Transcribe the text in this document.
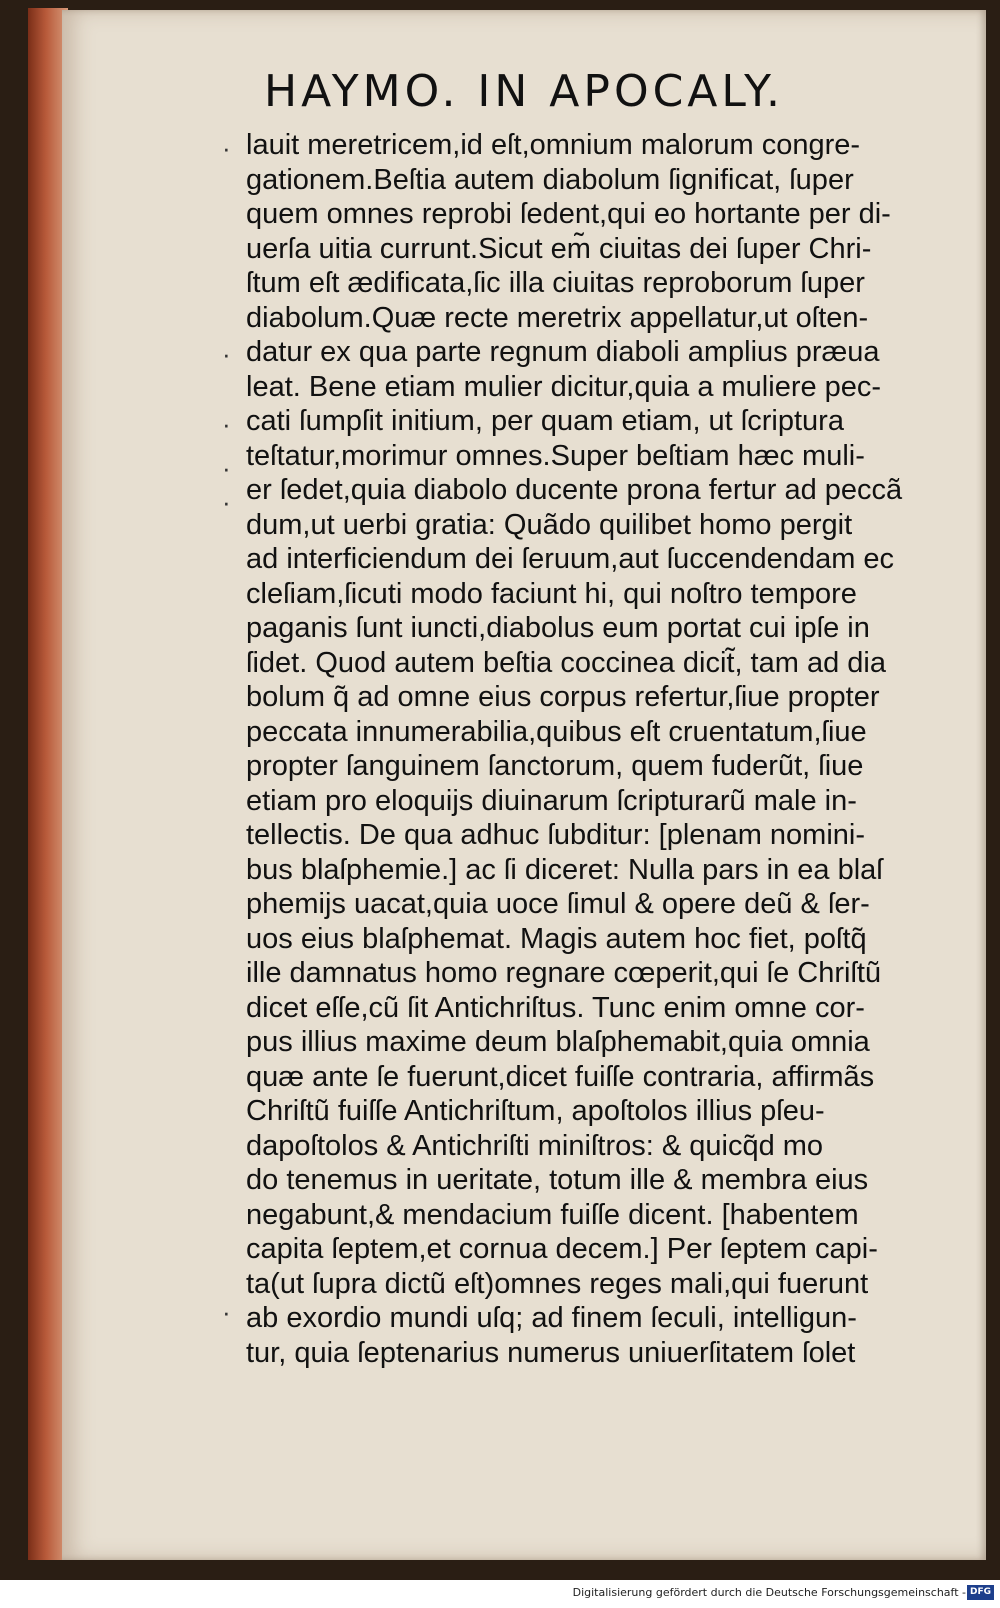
HAYMO. IN APOCALY.
lauit meretricem,id eſt,omnium malorum congre-
gationem.Beſtia autem diabolum ſignificat, ſuper
quem omnes reprobi ſedent,qui eo hortante per di-
uerſa uitia currunt.Sicut em̃ ciuitas dei ſuper Chri-
ſtum eſt ædificata,ſic illa ciuitas reproborum ſuper
diabolum.Quæ recte meretrix appellatur,ut oſten-
datur ex qua parte regnum diaboli amplius præua
leat. Bene etiam mulier dicitur,quia a muliere pec-
cati ſumpſit initium, per quam etiam, ut ſcriptura
teſtatur,morimur omnes.Super beſtiam hæc muli-
er ſedet,quia diabolo ducente prona fertur ad peccã
dum,ut uerbi gratia: Quãdo quilibet homo pergit
ad interficiendum dei ſeruum,aut ſuccendendam ec
cleſiam,ſicuti modo faciunt hi, qui noſtro tempore
paganis ſunt iuncti,diabolus eum portat cui ipſe in
ſidet. Quod autem beſtia coccinea dicit̃, tam ad dia
bolum q̃ ad omne eius corpus refertur,ſiue propter
peccata innumerabilia,quibus eſt cruentatum,ſiue
propter ſanguinem ſanctorum, quem fuderũt, ſiue
etiam pro eloquijs diuinarum ſcripturarũ male in-
tellectis. De qua adhuc ſubditur: [plenam nomini-
bus blaſphemie.] ac ſi diceret: Nulla pars in ea blaſ
phemijs uacat,quia uoce ſimul & opere deũ & ſer-
uos eius blaſphemat. Magis autem hoc fiet, poſtq̃
ille damnatus homo regnare cœperit,qui ſe Chriſtũ
dicet eſſe,cũ ſit Antichriſtus. Tunc enim omne cor-
pus illius maxime deum blaſphemabit,quia omnia
quæ ante ſe fuerunt,dicet fuiſſe contraria, affirmãs
Chriſtũ fuiſſe Antichriſtum, apoſtolos illius pſeu-
dapoſtolos & Antichriſti miniſtros: & quicq̃d mo
do tenemus in ueritate, totum ille & membra eius
negabunt,& mendacium fuiſſe dicent. [habentem
capita ſeptem,et cornua decem.] Per ſeptem capi-
ta(ut ſupra dictũ eſt)omnes reges mali,qui fuerunt
ab exordio mundi uſq; ad finem ſeculi, intelligun-
tur, quia ſeptenarius numerus uniuerſitatem ſolet
·
·
·
·
·
·
Digitalisierung gefördert durch die Deutsche Forschungsgemeinschaft - DFG
